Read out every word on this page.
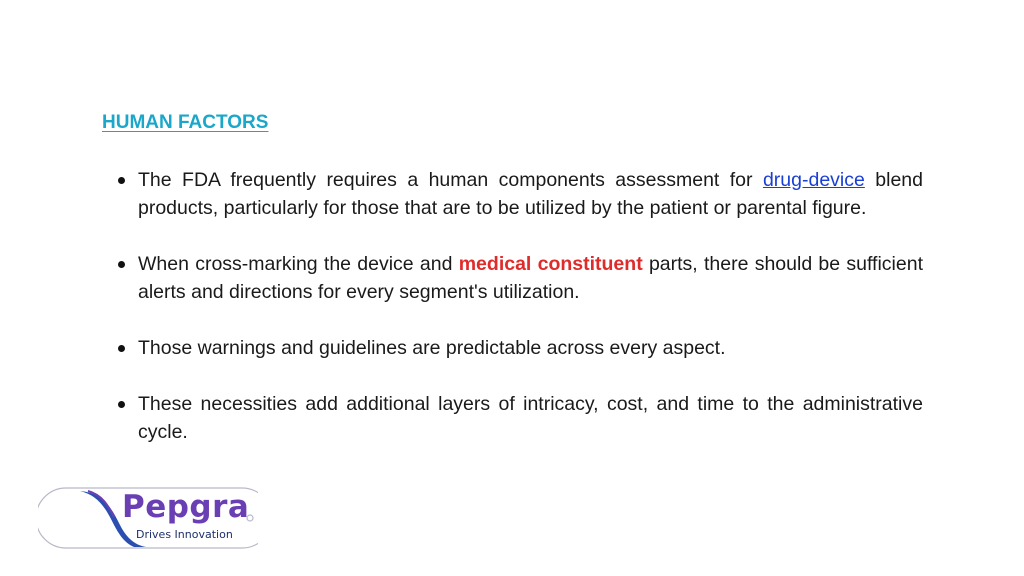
HUMAN FACTORS
The FDA frequently requires a human components assessment for drug-device blend products, particularly for those that are to be utilized by the patient or parental figure.
When cross-marking the device and medical constituent parts, there should be sufficient alerts and directions for every segment's utilization.
Those warnings and guidelines are predictable across every aspect.
These necessities add additional layers of intricacy, cost, and time to the administrative cycle.
Pepgra
Drives Innovation
